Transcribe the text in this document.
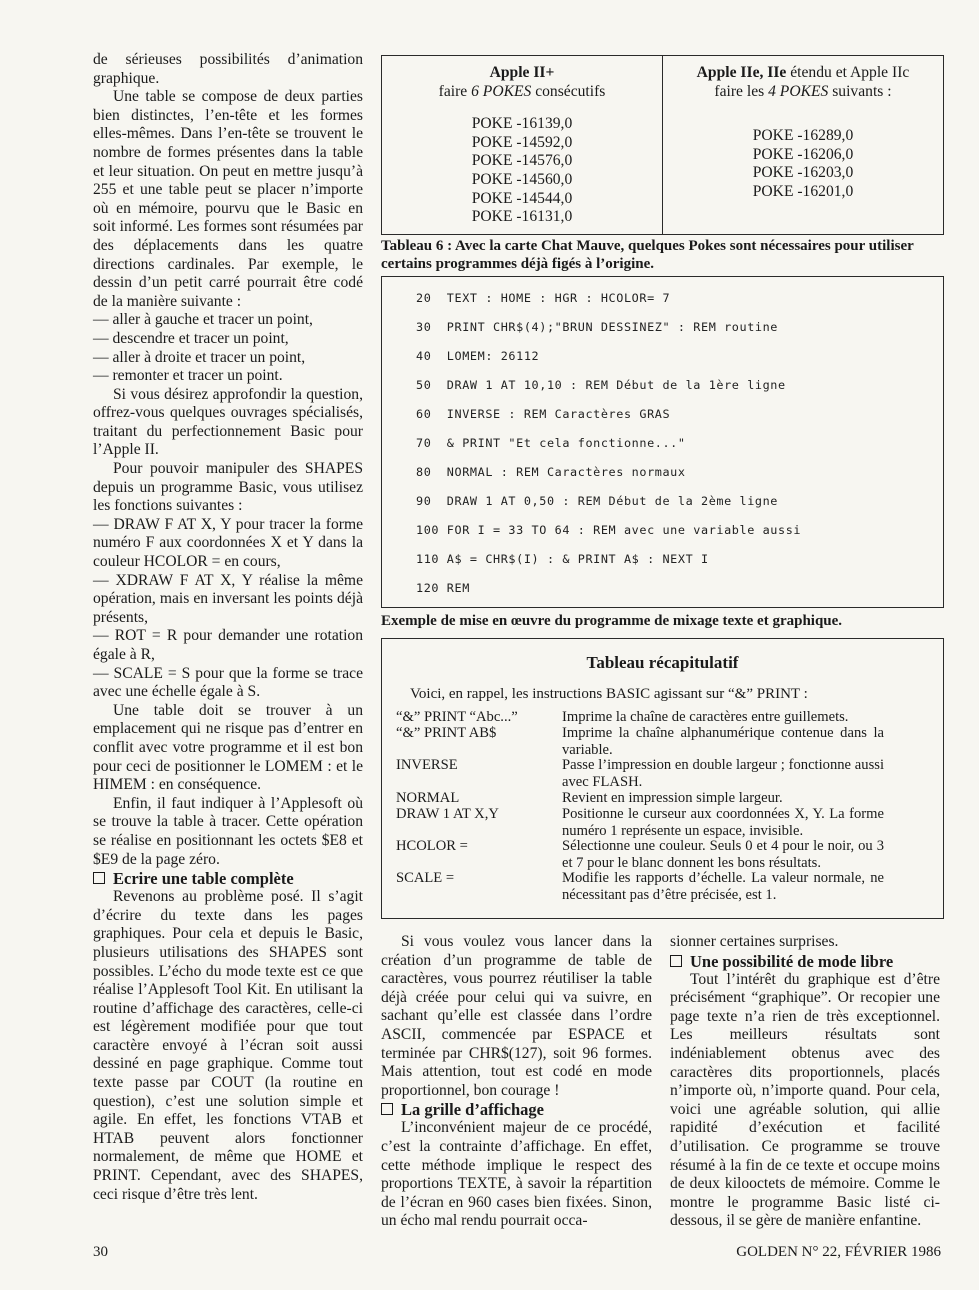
de sérieuses possibilités d’animation graphique.

Une table se compose de deux parties bien distinctes, l’en-tête et les formes elles-mêmes. Dans l’en-tête se trouvent le nombre de formes présentes dans la table et leur situation. On peut en mettre jusqu’à 255 et une table peut se placer n’importe où en mémoire, pourvu que le Basic en soit informé. Les formes sont résumées par des déplacements dans les quatre directions cardinales. Par exemple, le dessin d’un petit carré pourrait être codé de la manière suivante :

— aller à gauche et tracer un point,

— descendre et tracer un point,

— aller à droite et tracer un point,

— remonter et tracer un point.

Si vous désirez approfondir la question, offrez-vous quelques ouvrages spécialisés, traitant du perfectionnement Basic pour l’Apple II.

Pour pouvoir manipuler des SHAPES depuis un programme Basic, vous utilisez les fonctions suivantes :

— DRAW F AT X, Y pour tracer la forme numéro F aux coordonnées X et Y dans la couleur HCOLOR = en cours,

— XDRAW F AT X, Y réalise la même opération, mais en inversant les points déjà présents,

— ROT = R pour demander une rotation égale à R,

— SCALE = S pour que la forme se trace avec une échelle égale à S.

Une table doit se trouver à un emplacement qui ne risque pas d’entrer en conflit avec votre programme et il est bon pour ceci de positionner le LOMEM : et le HIMEM : en conséquence.

Enfin, il faut indiquer à l’Applesoft où se trouve la table à tracer. Cette opération se réalise en positionnant les octets $E8 et $E9 de la page zéro.

Ecrire une table complète

Revenons au problème posé. Il s’agit d’écrire du texte dans les pages graphiques. Pour cela et depuis le Basic, plusieurs utilisations des SHAPES sont possibles. L’écho du mode texte est ce que réalise l’Applesoft Tool Kit. En utilisant la routine d’affichage des caractères, celle-ci est légèrement modifiée pour que tout caractère envoyé à l’écran soit aussi dessiné en page graphique. Comme tout texte passe par COUT (la routine en question), c’est une solution simple et agile. En effet, les fonctions VTAB et HTAB peuvent alors fonctionner normalement, de même que HOME et PRINT. Cependant, avec des SHAPES, ceci risque d’être très lent.

Apple II+
faire 6 POKES consécutifs
POKE -16139,0
POKE -14592,0
POKE -14576,0
POKE -14560,0
POKE -14544,0
POKE -16131,0
Apple IIe, IIe étendu et Apple IIc
faire les 4 POKES suivants :
POKE -16289,0
POKE -16206,0
POKE -16203,0
POKE -16201,0
Tableau 6 : Avec la carte Chat Mauve, quelques Pokes sont nécessaires pour utiliser certains programmes déjà figés à l’origine.
20  TEXT : HOME : HGR : HCOLOR= 7
30  PRINT CHR$(4);"BRUN DESSINEZ" : REM routine
40  LOMEM: 26112
50  DRAW 1 AT 10,10 : REM Début de la 1ère ligne
60  INVERSE : REM Caractères GRAS
70  & PRINT "Et cela fonctionne..."
80  NORMAL : REM Caractères normaux
90  DRAW 1 AT 0,50 : REM Début de la 2ème ligne
100 FOR I = 33 TO 64 : REM avec une variable aussi
110 A$ = CHR$(I) : & PRINT A$ : NEXT I
120 REM
Exemple de mise en œuvre du programme de mixage texte et graphique.
Tableau récapitulatif
Voici, en rappel, les instructions BASIC agissant sur “&” PRINT :
“&” PRINT “Abc...”	Imprime la chaîne de caractères entre guillemets.
“&” PRINT AB$	Imprime la chaîne alphanumérique contenue dans la variable.
INVERSE	Passe l’impression en double largeur ; fonctionne aussi avec FLASH.
NORMAL	Revient en impression simple largeur.
DRAW 1 AT X,Y	Positionne le curseur aux coordonnées X, Y. La forme numéro 1 représente un espace, invisible.
HCOLOR =	Sélectionne une couleur. Seuls 0 et 4 pour le noir, ou 3 et 7 pour le blanc donnent les bons résultats.
SCALE =	Modifie les rapports d’échelle. La valeur normale, ne nécessitant pas d’être précisée, est 1.

Si vous voulez vous lancer dans la création d’un programme de table de caractères, vous pourrez réutiliser la table déjà créée pour celui qui va suivre, en sachant qu’elle est classée dans l’ordre ASCII, commencée par ESPACE et terminée par CHR$(127), soit 96 formes. Mais attention, tout est codé en mode proportionnel, bon courage !

La grille d’affichage

L’inconvénient majeur de ce procédé, c’est la contrainte d’affichage. En effet, cette méthode implique le respect des proportions TEXTE, à savoir la répartition de l’écran en 960 cases bien fixées. Sinon, un écho mal rendu pourrait occa-

sionner certaines surprises.

Une possibilité de mode libre

Tout l’intérêt du graphique est d’être précisément “graphique”. Or recopier une page texte n’a rien de très exceptionnel. Les meilleurs résultats sont indéniablement obtenus avec des caractères dits proportionnels, placés n’importe où, n’importe quand. Pour cela, voici une agréable solution, qui allie rapidité d’exécution et facilité d’utilisation. Ce programme se trouve résumé à la fin de ce texte et occupe moins de deux kilooctets de mémoire. Comme le montre le programme Basic listé ci-dessous, il se gère de manière enfantine.

30	GOLDEN N° 22, FÉVRIER 1986
